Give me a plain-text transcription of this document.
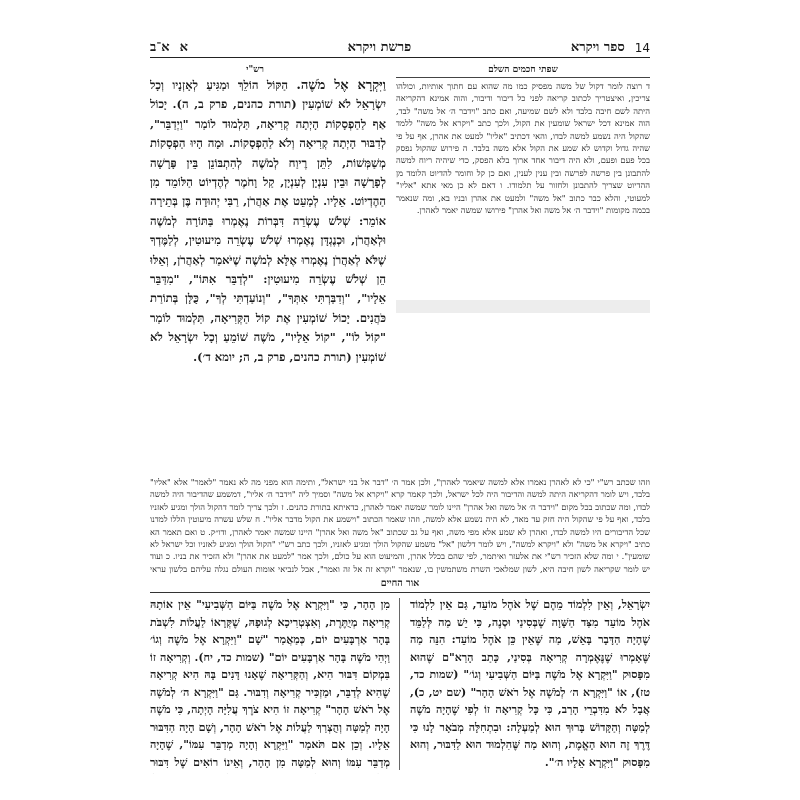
14
ספר ויקרא
פרשת ויקרא
א
א־ב
שפתי חכמים השלם

ד רוצה לומר דקול של משה מפסיק כמו מה שהוא עם חתוך אותיות, וכולהו צריכין, ואיצטריך לכתוב קריאה לפני כל דיבור ודיבור, והוה אמינא דהקריאה היתה לשם חיבה בלבד ולא לשם שמיעה, ואם כתב "וידבר ה׳ אל משה" לבד, הוה אמינא דכל ישראל שומעין את הקול, ולכך כתב "ויקרא אל משה" ללמד שהקול היה נשמע למשה לבדו, והאי דכתיב "אליו" למעט את אהרן, אף על פי שהיה גדול וקדוש לא שמע את הקול אלא משה בלבד. ה פירוש שהקול נפסק בכל פעם ופעם, ולא היה דיבור אחד ארוך בלא הפסק, כדי שיהיה ריוח למשה להתבונן בין פרשה לפרשה ובין ענין לענין, ואם כן קל וחומר להדיוט הלומד מן ההדיוט שצריך להתבונן ולחזור על תלמודו. ו דאם לא כן מאי אתא "אליו" למעוטי, והלא כבר כתוב "אל משה" ולמעט את אהרן ובניו בא, ומה שנאמר בכמה מקומות "וידבר ה׳ אל משה ואל אהרן" פירושו שמשה יאמר לאהרן.

רש"י

וַיִּקְרָא אֶל מֹשֶׁה. הַקּוֹל הוֹלֵךְ וּמַגִּיעַ לְאָזְנָיו וְכָל יִשְׂרָאֵל לֹא שׁוֹמְעִין (תורת כהנים, פרק ב, ה). יָכוֹל אַף לַהַפְסָקוֹת הָיְתָה קְרִיאָה, תַּלְמוּד לוֹמַר "וַיְדַבֵּר", לְדִבּוּר הָיְתָה קְרִיאָה וְלֹא לַהַפְסָקוֹת. וּמָה הָיוּ הַפְסָקוֹת מְשַׁמְּשׁוֹת, לִתֵּן רֶיוַח לְמֹשֶׁה לְהִתְבּוֹנֵן בֵּין פָּרָשָׁה לְפָרָשָׁה וּבֵין עִנְיָן לְעִנְיָן, קַל וָחֹמֶר לְהֶדְיוֹט הַלּוֹמֵד מִן הַהֶדְיוֹט. אֵלָיו. לְמַעֵט אֶת אַהֲרֹן, רַבִּי יְהוּדָה בֶּן בְּתֵירָה אוֹמֵר: שְׁלֹשׁ עֶשְׂרֵה דִּבְּרוֹת נֶאֶמְרוּ בַּתּוֹרָה לְמֹשֶׁה וּלְאַהֲרֹן, וּכְנֶגְדָּן נֶאֶמְרוּ שְׁלֹשׁ עֶשְׂרֵה מִיעוּטִין, לְלַמֶּדְךָ שֶׁלֹּא לְאַהֲרֹן נֶאֶמְרוּ אֶלָּא לְמֹשֶׁה שֶׁיֹּאמַר לְאַהֲרֹן, וְאֵלּוּ הֵן שְׁלֹשׁ עֶשְׂרֵה מִיעוּטִין: "לְדַבֵּר אִתּוֹ", "מִדַּבֵּר אֵלָיו", "וְדִבַּרְתִּי אִתְּךָ", "וְנוֹעַדְתִּי לְךָ", כֻּלָּן בְּתוֹרַת כֹּהֲנִים. יָכוֹל שׁוֹמְעִין אֶת קוֹל הַקְּרִיאָה, תַּלְמוּד לוֹמַר "קוֹל לוֹ", "קוֹל אֵלָיו", מֹשֶׁה שׁוֹמֵעַ וְכָל יִשְׂרָאֵל לֹא שׁוֹמְעִין (תורת כהנים, פרק ב, ה; יומא ד׳).

וזהו שכתב רש"י "כי לא לאהרן נאמרו אלא למשה שיאמר לאהרן", ולכן אמר ה׳ "דבר אל בני ישראל", ותימה הוא מפני מה לא נאמר "לאמר" אלא "אליו" בלבד, ויש לומר דהקריאה היתה למשה והדיבור היה לכל ישראל, ולכך קאמר קרא "ויקרא אל משה" וסמיך ליה "וידבר ה׳ אליו", דמשמע שהדיבור היה למשה לבדו, ומה שכתוב בכל מקום "וידבר ה׳ אל משה ואל אהרן" היינו לומר שמשה יאמר לאהרן, כדאיתא בתורת כהנים. ז ולכך צריך לומר דהקול הולך ומגיע לאזניו בלבד, ואף על פי שהקול היה חזק עד מאד, לא היה נשמע אלא למשה, וזהו שאמר הכתוב "וישמע את הקול מדבר אליו". ח שלש עשרה מיעוטין הללו למדנו שכל הדיבורים היו למשה לבדו, ואהרן לא שמע אלא מפי משה, ואף על גב שכתוב "אל משה ואל אהרן" היינו שמשה יאמר לאהרן, ודו״ק. ט ואם תאמר הא כתיב "ויקרא אל משה" ולא "ויקרא למשה", ויש לומר דלשון "אל" משמע שהקול הולך ומגיע לאזניו, ולכך כתב רש"י "הקול הולך ומגיע לאזניו וכל ישראל לא שומעין". י ומה שלא הזכיר רש"י את אלעזר ואיתמר, לפי שהם בכלל אהרן, והמיעוט הוא על כולם, ולכך אמר "למעט את אהרן" ולא הזכיר את בניו. כ ועוד יש לומר שקריאה לשון חיבה היא, לשון שמלאכי השרת משתמשין בו, שנאמר "וקרא זה אל זה ואמר", אבל לנביאי אומות העולם נגלה עליהם בלשון עראי

אור החיים

יִשְׂרָאֵל, וְאֵין לִלְמוֹד מֵהֶם שֶׁל אֹהֶל מוֹעֵד, גַּם אֵין לִלְמוֹד אֹהֶל מוֹעֵד מִצַּד הַשָּׁוָה שֶׁבְּסִינַי וּסְנֶה, כִּי יֵשׁ מַה לְּלַמֵּד שֶׁהָיָה הַדָּבָר בָּאֵשׁ, מַה שֶּׁאֵין כֵּן אֹהֶל מוֹעֵד: הִנֵּה מַה שֶּׁאָמְרוּ שֶׁנֶּאֶמְרָה קְרִיאָה בְּסִינַי, כָּתַב הָרַא"ם שֶׁהוּא מִפָּסוּק "וַיִּקְרָא אֶל מֹשֶׁה בַּיּוֹם הַשְּׁבִיעִי וְגוֹ׳" (שמות כד, טז), אוֹ "וַיִּקְרָא ה׳ לְמֹשֶׁה אֶל רֹאשׁ הָהָר" (שם יט, כ), אֲבָל לֹא מִדִּבְרֵי הָרַב, כִּי כָּל קְרִיאָה זוֹ לְפִי שֶׁהָיָה מֹשֶׁה לְמַטָּה וְהַקָּדוֹשׁ בָּרוּךְ הוּא לְמַעְלָה: וּבִתְחִלָּה מְבֹאָר לָנוּ כִּי דֶּרֶךְ זֶה הוּא הָאֱמֶת, וְהוּא מַה שֶּׁהִלְמוּד הוּא לַדִּבּוּר, וְהוּא מִפָּסוּק "וַיִּקְרָא אֵלָיו ה׳".

מִן הָהָר, כִּי "וַיִּקְרָא אֶל מֹשֶׁה בַּיּוֹם הַשְּׁבִיעִי" אֵין אוֹתָהּ קְרִיאָה מְיֻתֶּרֶת, וְאִצְטְרִיכָא לְגוּפָהּ, שֶׁקְּרָאוֹ לַעֲלוֹת לִשְׁבֹּת בָּהָר אַרְבָּעִים יוֹם, כְּמַאֲמַר "שָׁם "וַיִּקְרָא אֶל מֹשֶׁה וְגוֹ׳ וַיְהִי מֹשֶׁה בָּהָר אַרְבָּעִים יוֹם" (שמות כד, יח). וְקְרִיאָה זוֹ בִּמְקוֹם דִּבּוּר הִיא, וְהַקְּרִיאָה שֶׁאָנוּ דָּנִים בָּהּ הִיא קְרִיאָה שֶׁהִיא לְדַבֵּר, וּמַזְכִּיר קְרִיאָה וְדִבּוּר. גַּם "וַיִּקְרָא ה׳ לְמֹשֶׁה אֶל רֹאשׁ הָהָר" קְרִיאָה זוֹ הִיא צֹרֶךְ עֲלִיָּה הָיְתָה, כִּי מֹשֶׁה הָיָה לְמַטָּה וְהֻצְרַךְ לַעֲלוֹת אֶל רֹאשׁ הָהָר, וְשָׁם הָיָה הַדִּבּוּר אֵלָיו. וְכֵן אִם תֹּאמַר "וַיִּקְרָא וְהָיָה מְדַבֵּר עִמּוֹ", שֶׁהָיָה מְדַבֵּר עִמּוֹ וְהוּא לְמַטָּה מִן הָהָר, וְאֵינוֹ רוֹאִים שֶׁל דִּבּוּר
